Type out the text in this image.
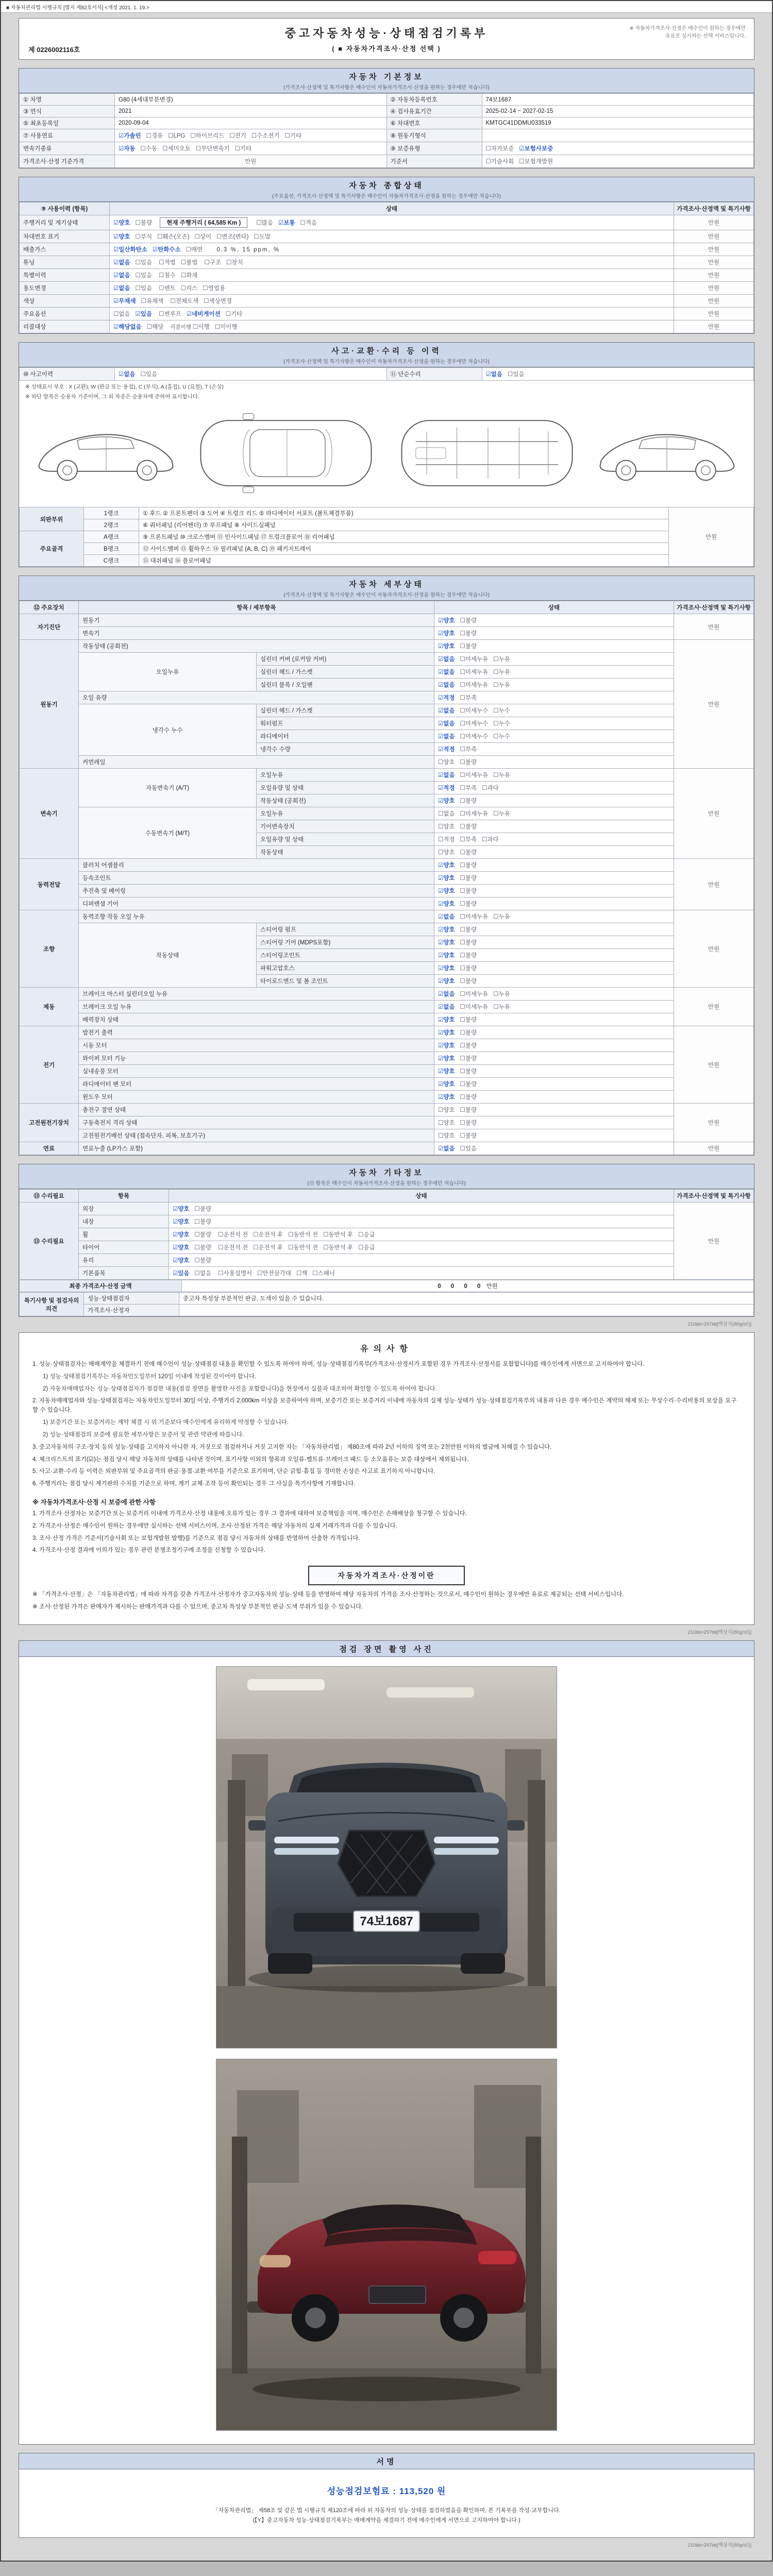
■ 자동차관리법 시행규칙 [별지 제82호서식] <개정 2021. 1. 19.>
중고자동차성능·상태점검기록부
( ■ 자동차가격조사·산정 선택 )
제 0226002116호
※ 자동차가격조사·산정은 매수인이 원하는 경우에만
유료로 실시하는 선택 서비스입니다.
자동차 기본정보
(가격조사·산정액 및 특기사항은 매수인이 자동차가격조사·산정을 원하는 경우에만 적습니다)
① 차명	G80 (4세대부분변경)	② 자동차등록번호	74보1687
③ 연식	2021	④ 검사유효기간	2025-02-14 ~ 2027-02-15
⑤ 최초등록일	2020-09-04	⑥ 차대번호	KMTGC41DDMU033519
⑦ 사용연료	☑가솔린 ☐경유 ☐LPG ☐하이브리드 ☐전기 ☐수소전기 ☐기타	⑧ 원동기형식	
변속기종류	☑자동 ☐수동 ☐세미오토 ☐무단변속기 ☐기타	⑨ 보증유형	☐자가보증 ☑보험사보증
가격조사·산정 기준가격	만원	기준서	☐기술사회 ☐보험개발원
자동차 종합상태
(주요옵션, 가격조사·산정액 및 특기사항은 매수인이 자동차가격조사·산정을 원하는 경우에만 적습니다)
⑨ 사용이력 (항목)	상태	가격조사·산정액 및 특기사항
주행거리 및 계기상태	☑양호 ☐불량 현재 주행거리 ( 64,585 Km ) ☐많음 ☑보통 ☐적음	만원
차대번호 표기	☑양호 ☐부식 ☐훼손(오손) ☐상이 ☐변조(변타) ☐도말	만원
배출가스	☑일산화탄소 ☑탄화수소 ☐매연 0.3 %, 15 ppm, %	만원
튜닝	☑없음 ☐있음 ☐적법 ☐불법 ☐구조 ☐장치	만원
특별이력	☑없음 ☐있음 ☐침수 ☐화재	만원
용도변경	☑없음 ☐있음 ☐렌트 ☐리스 ☐영업용	만원
색상	☑무채색 ☐유채색 ☐전체도색 ☐색상변경	만원
주요옵션	☐없음 ☑있음 ☐썬루프 ☑네비게이션 ☐기타	만원
리콜대상	☑해당없음 ☐해당 리콜이행 ☐이행 ☐미이행	만원
사고·교환·수리 등 이력
(가격조사·산정액 및 특기사항은 매수인이 자동차가격조사·산정을 원하는 경우에만 적습니다)
⑩ 사고이력	☑없음 ☐있음	⑪ 단순수리	☑없음 ☐있음
※ 상태표시 부호 : X (교환), W (판금 또는 용접), C (부식), A (흠집), U (요철), T (손상)
※ 하단 항목은 승용차 기준이며, 그 외 차종은 승용차에 준하여 표시합니다.
외판부위	1랭크	① 후드 ② 프론트펜더 ③ 도어 ④ 트렁크 리드 ⑤ 라디에이터 서포트 (볼트체결부품)	만원
	2랭크	⑥ 쿼터패널 (리어펜더) ⑦ 루프패널 ⑧ 사이드실패널	
주요골격	A랭크	⑨ 프론트패널 ⑩ 크로스멤버 ⑪ 인사이드패널 ⑰ 트렁크플로어 ⑱ 리어패널	
	B랭크	⑫ 사이드멤버 ⑬ 휠하우스 ⑭ 필러패널 (A, B, C) ⑲ 패키지트레이	
	C랭크	⑮ 대쉬패널 ⑯ 플로어패널	
자동차 세부상태
(가격조사·산정액 및 특기사항은 매수인이 자동차가격조사·산정을 원하는 경우에만 적습니다)
⑫ 주요장치	항목 / 세부항목		상태	가격조사·산정액 및 특기사항
자기진단	원동기		☑양호 ☐불량	만원
	변속기		☑양호 ☐불량	
원동기	작동상태 (공회전)		☑양호 ☐불량	만원
	오일누유	실린더 커버 (로커암 커버)	☑없음 ☐미세누유 ☐누유	
		실린더 헤드 / 가스켓	☑없음 ☐미세누유 ☐누유	
		실린더 블록 / 오일팬	☑없음 ☐미세누유 ☐누유	
	오일 유량		☑적정 ☐부족	
	냉각수 누수	실린더 헤드 / 가스켓	☑없음 ☐미세누수 ☐누수	
		워터펌프	☑없음 ☐미세누수 ☐누수	
		라디에이터	☑없음 ☐미세누수 ☐누수	
		냉각수 수량	☑적정 ☐부족	
	커먼레일		☐양호 ☐불량	
변속기	자동변속기 (A/T)	오일누유	☑없음 ☐미세누유 ☐누유	만원
		오일유량 및 상태	☑적정 ☐부족 ☐과다	
		작동상태 (공회전)	☑양호 ☐불량	
	수동변속기 (M/T)	오일누유	☐없음 ☐미세누유 ☐누유	
		기어변속장치	☐양호 ☐불량	
		오일유량 및 상태	☐적정 ☐부족 ☐과다	
		작동상태	☐양호 ☐불량	
동력전달	클러치 어셈블리		☑양호 ☐불량	만원
	등속조인트		☑양호 ☐불량	
	추진축 및 베어링		☑양호 ☐불량	
	디퍼렌셜 기어		☑양호 ☐불량	
조향	동력조향 작동 오일 누유		☑없음 ☐미세누유 ☐누유	만원
	작동상태	스티어링 펌프	☑양호 ☐불량	
		스티어링 기어 (MDPS포함)	☑양호 ☐불량	
		스티어링조인트	☑양호 ☐불량	
		파워고압호스	☑양호 ☐불량	
		타이로드엔드 및 볼 조인트	☑양호 ☐불량	
제동	브레이크 마스터 실린더오일 누유		☑없음 ☐미세누유 ☐누유	만원
	브레이크 오일 누유		☑없음 ☐미세누유 ☐누유	
	배력장치 상태		☑양호 ☐불량	
전기	발전기 출력		☑양호 ☐불량	만원
	시동 모터		☑양호 ☐불량	
	와이퍼 모터 기능		☑양호 ☐불량	
	실내송풍 모터		☑양호 ☐불량	
	라디에이터 팬 모터		☑양호 ☐불량	
	윈도우 모터		☑양호 ☐불량	
고전원전기장치	충전구 절연 상태		☐양호 ☐불량	만원
	구동축전지 격리 상태		☐양호 ☐불량	
	고전원전기배선 상태 (접속단자, 피복, 보호기구)		☐양호 ☐불량	
연료	연료누출 (LP가스 포함)		☑없음 ☐있음	만원
자동차 기타정보
(⑬ 항목은 매수인이 자동차가격조사·산정을 원하는 경우에만 적습니다)
⑬ 수리필요	항목	상태	가격조사·산정액 및 특기사항
⑬ 수리필요	외장	☑양호 ☐불량	만원
	내장	☑양호 ☐불량	
	휠	☑양호 ☐불량 ☐운전석 전 ☐운전석 후 ☐동반석 전 ☐동반석 후 ☐응급	
	타이어	☑양호 ☐불량 ☐운전석 전 ☐운전석 후 ☐동반석 전 ☐동반석 후 ☐응급	
	유리	☑양호 ☐불량	
	기본품목	☑있음 ☐없음 ☐사용설명서 ☐안전삼각대 ☐잭 ☐스패너	
최종 가격조사·산정 금액	0 0 0 0 만원
특기사항 및 점검자의 의견	성능·상태점검자	중고차 특성상 부분적인 판금, 도색이 있을 수 있습니다.
	가격조사·산정자	
210㎜×297㎜[백상지(80g/㎡)]
유의사항

1. 성능·상태점검자는 매매계약을 체결하기 전에 매수인이 성능·상태점검 내용을 확인할 수 있도록 하여야 하며, 성능·상태점검기록부(가격조사·산정서가 포함된 경우 가격조사·산정서를 포함합니다)를 매수인에게 서면으로 고지하여야 합니다.

1) 성능·상태점검기록부는 자동차인도일부터 120일 이내에 작성된 것이어야 합니다.

2) 자동차매매업자는 성능·상태점검자가 점검한 내용(점검 장면을 촬영한 사진을 포함합니다)을 현장에서 실물과 대조하여 확인할 수 있도록 하여야 합니다.

2. 자동차매매업자와 성능·상태점검자는 자동차인도일부터 30일 이상, 주행거리 2,000km 이상을 보증하여야 하며, 보증기간 또는 보증거리 이내에 자동차의 실제 성능·상태가 성능·상태점검기록부의 내용과 다른 경우 매수인은 계약의 해제 또는 무상수리·수리비용의 보상을 요구할 수 있습니다.

1) 보증기간 또는 보증거리는 계약 체결 시 위 기준보다 매수인에게 유리하게 약정할 수 있습니다.

2) 성능·상태점검의 보증에 필요한 세부사항은 보증서 및 관련 약관에 따릅니다.

3. 중고자동차의 구조·장치 등의 성능·상태를 고지하지 아니한 자, 거짓으로 점검하거나 거짓 고지한 자는 「자동차관리법」 제80조에 따라 2년 이하의 징역 또는 2천만원 이하의 벌금에 처해질 수 있습니다.

4. 체크리스트의 표기(☑)는 점검 당시 해당 자동차의 상태를 나타낸 것이며, 표기사항 이외의 항목과 오일류·벨트류·브레이크 패드 등 소모품류는 보증 대상에서 제외됩니다.

5. 사고·교환·수리 등 이력은 외판부위 및 주요골격의 판금·용접·교환 여부를 기준으로 표기하며, 단순 긁힘·흠집 등 경미한 손상은 사고로 표기하지 아니합니다.

6. 주행거리는 점검 당시 계기판의 수치를 기준으로 하며, 계기 교체·조작 등이 확인되는 경우 그 사실을 특기사항에 기재합니다.

※ 자동차가격조사·산정 시 보증에 관한 사항

1. 가격조사·산정자는 보증기간 또는 보증거리 이내에 가격조사·산정 내용에 오류가 있는 경우 그 결과에 대하여 보증책임을 지며, 매수인은 손해배상을 청구할 수 있습니다.

2. 가격조사·산정은 매수인이 원하는 경우에만 실시하는 선택 서비스이며, 조사·산정된 가격은 해당 자동차의 실제 거래가격과 다를 수 있습니다.

3. 조사·산정 가격은 기준서(기술사회 또는 보험개발원 발행)를 기준으로 점검 당시 자동차의 상태를 반영하여 산출한 가격입니다.

4. 가격조사·산정 결과에 이의가 있는 경우 관련 분쟁조정기구에 조정을 신청할 수 있습니다.

자동차가격조사·산정이란

※ 「가격조사·산정」은 「자동차관리법」에 따라 자격을 갖춘 가격조사·산정자가 중고자동차의 성능·상태 등을 반영하여 해당 자동차의 가격을 조사·산정하는 것으로서, 매수인이 원하는 경우에만 유료로 제공되는 선택 서비스입니다.

※ 조사·산정된 가격은 판매자가 제시하는 판매가격과 다를 수 있으며, 중고차 특성상 부분적인 판금·도색 부위가 있을 수 있습니다.

210㎜×297㎜[백상지(80g/㎡)]
점검 장면 촬영 사진
74보1687
서명
성능점검보험료 : 113,520 원
「자동차관리법」 제58조 및 같은 법 시행규칙 제120조에 따라 위 자동차의 성능·상태를 점검하였음을 확인하며, 본 기록부를 작성·교부합니다.
(【Y】중고자동차 성능·상태점검기록부는 매매계약을 체결하기 전에 매수인에게 서면으로 고지하여야 합니다.)
210㎜×297㎜[백상지(80g/㎡)]
